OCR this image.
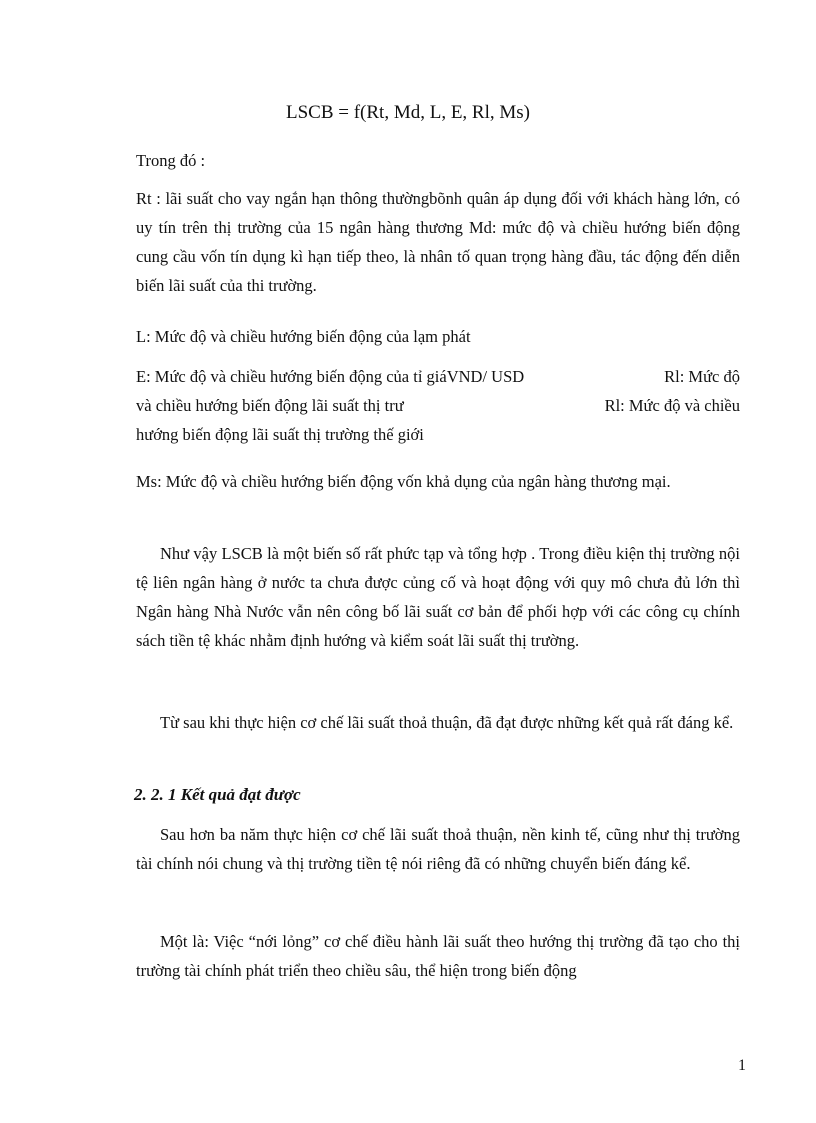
LSCB = f(Rt, Md, L, E, Rl, Ms)

Trong đó :

Rt : lãi suất cho vay ngắn hạn thông thườngbõnh quân áp dụng đối với khách hàng lớn, có uy tín trên thị trường của 15 ngân hàng thương Md: mức độ và chiều hướng biến động cung cầu vốn tín dụng kì hạn tiếp theo, là nhân tố quan trọng hàng đầu, tác động đến diễn biến lãi suất của thi trường.

L: Mức độ và chiều hướng biến động của lạm phát

E: Mức độ và chiều hướng biến động của tỉ giáVND/ USD	Rl: Mức độ
và chiều hướng biến động lãi suất thị trư	Rl: Mức độ và chiều
hướng biến động lãi suất thị trường thế giới

Ms: Mức độ và chiều hướng biến động vốn khả dụng của ngân hàng thương mại.

Như vậy LSCB là một biến số rất phức tạp và tổng hợp . Trong điều kiện thị trường nội tệ liên ngân hàng ở nước ta chưa được củng cố và hoạt động với quy mô chưa đủ lớn thì Ngân hàng Nhà Nước vẫn nên công bố lãi suất cơ bản để phối hợp với các công cụ chính sách tiền tệ khác nhằm định hướng và kiểm soát lãi suất thị trường.

Từ sau khi thực hiện cơ chế lãi suất thoả thuận, đã đạt được những kết quả rất đáng kể.

2. 2. 1 Kết quả đạt được

Sau hơn ba năm thực hiện cơ chế lãi suất thoả thuận, nền kinh tế, cũng như thị trường tài chính nói chung và thị trường tiền tệ nói riêng đã có những chuyển biến đáng kể.

Một là: Việc “nới lỏng” cơ chế điều hành lãi suất theo hướng thị trường đã tạo cho thị trường tài chính phát triển theo chiều sâu, thể hiện trong biến động

1
